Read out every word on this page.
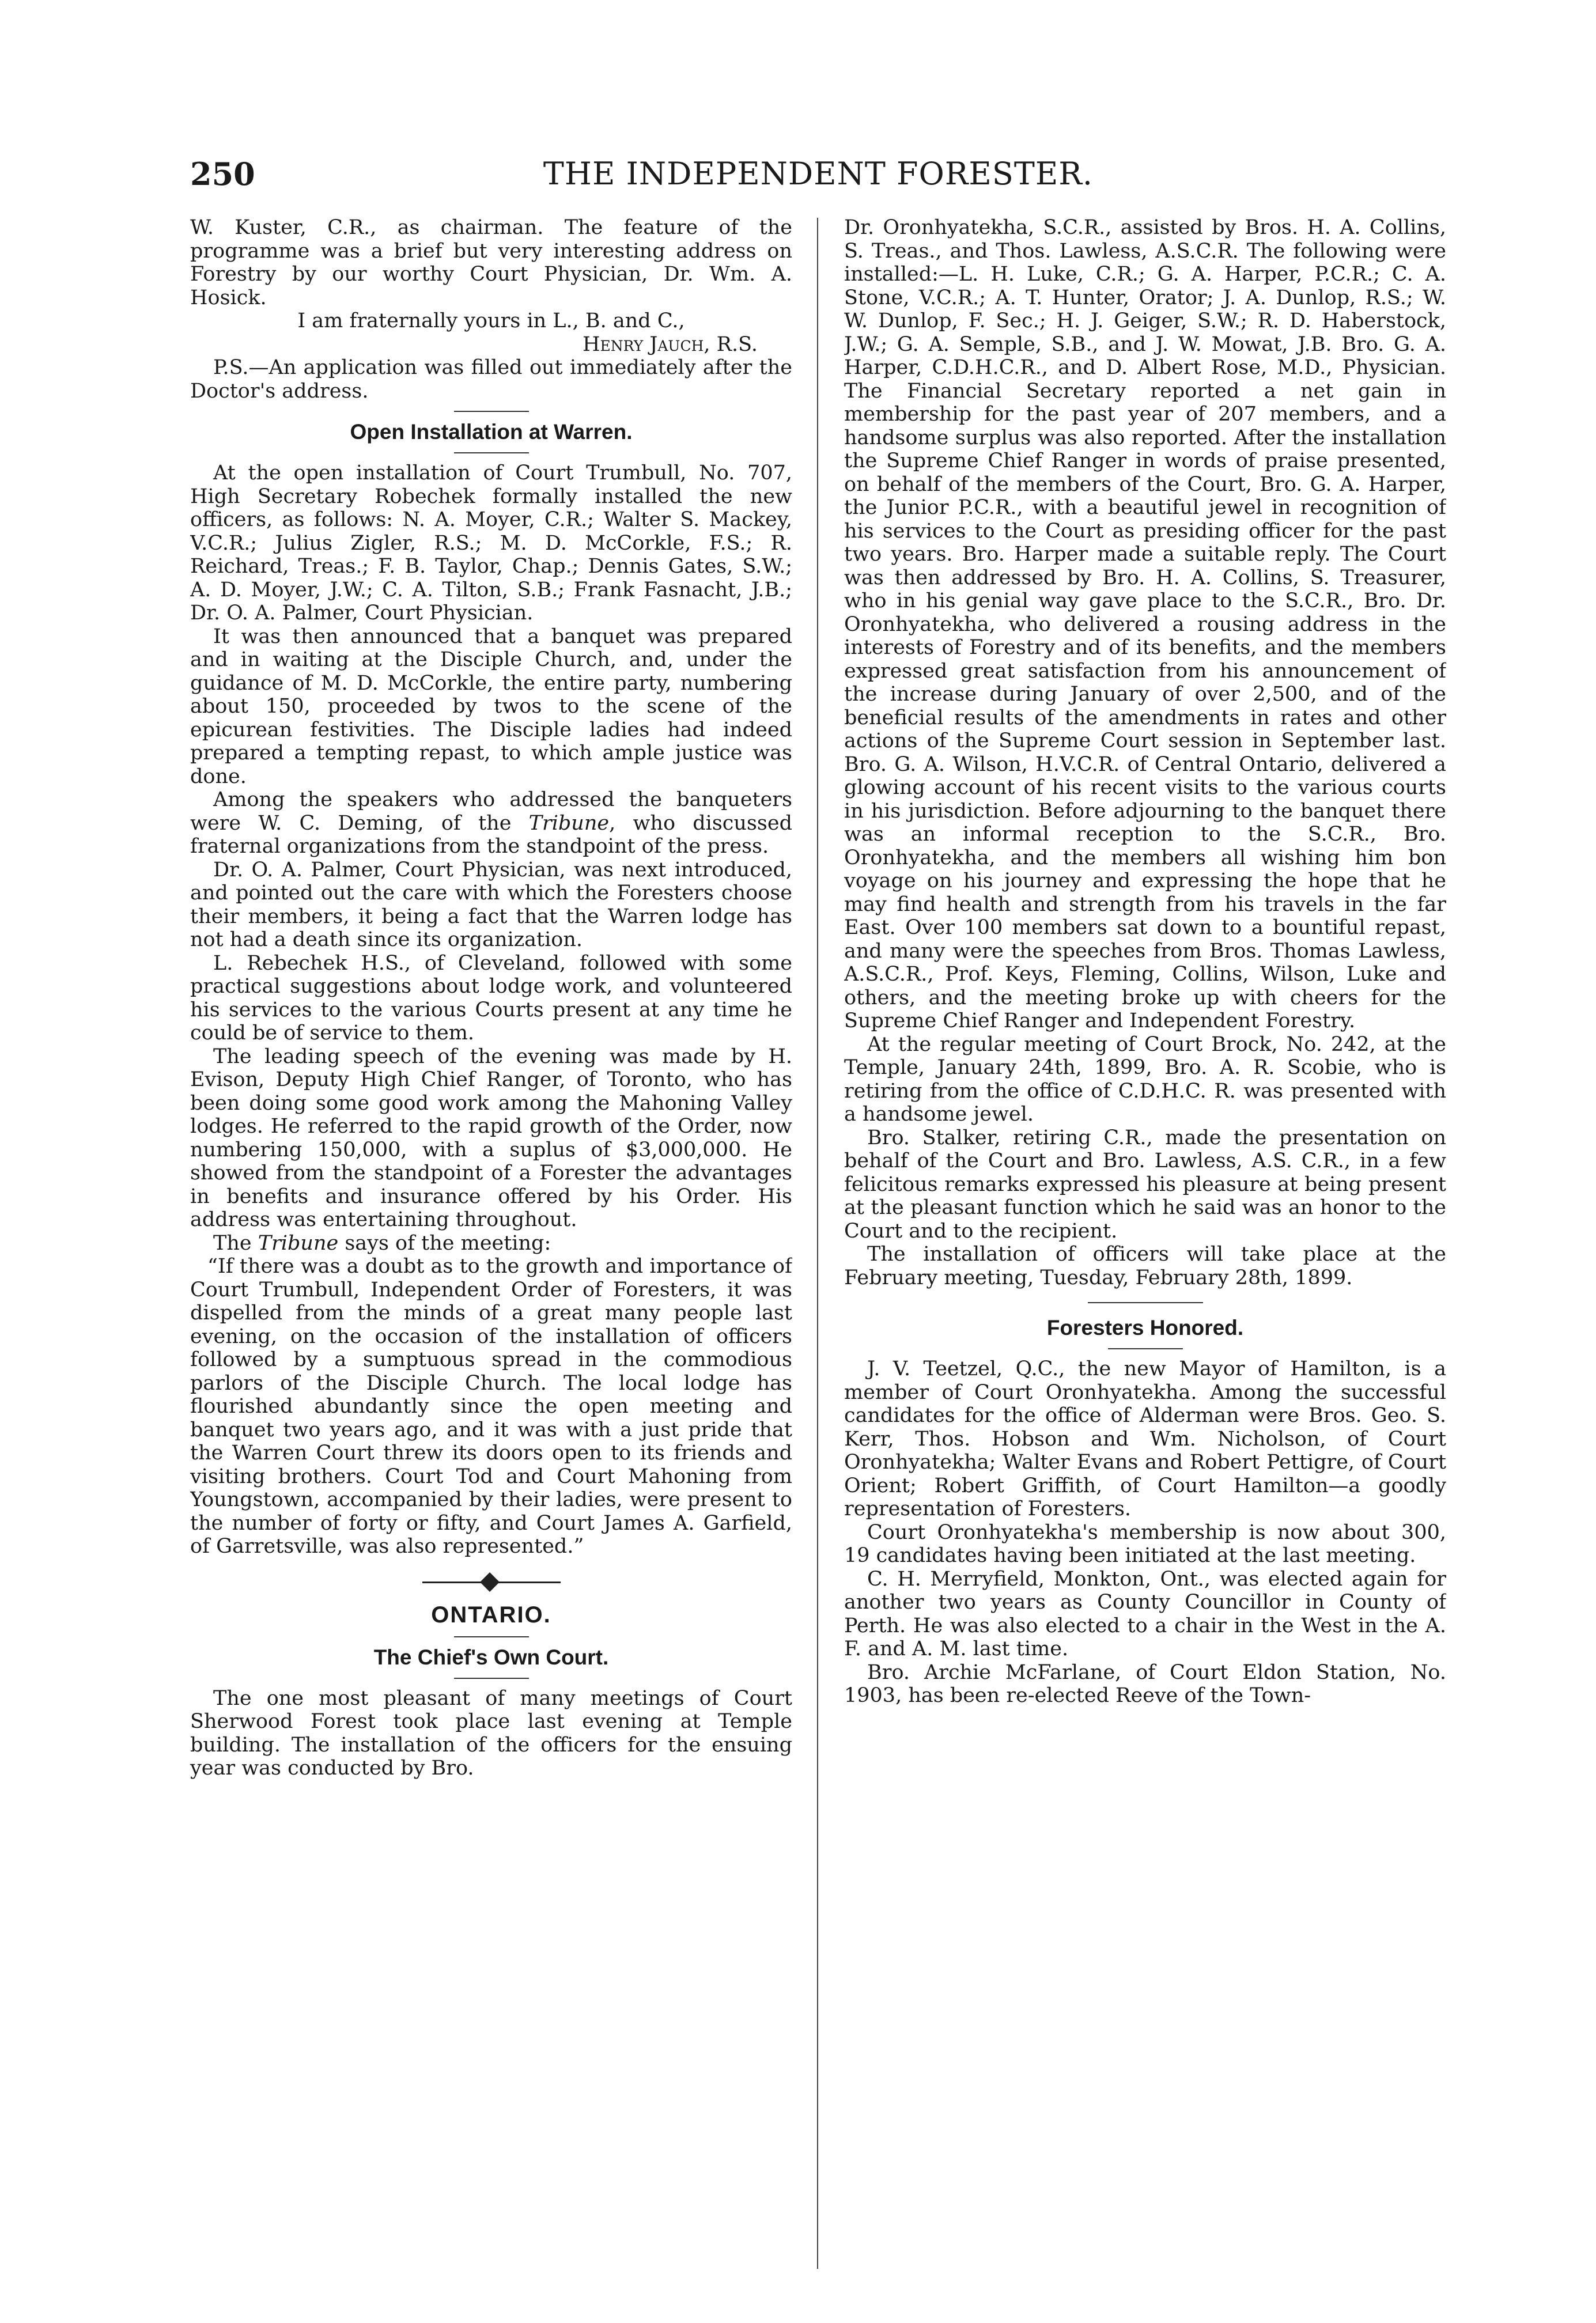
250	THE INDEPENDENT FORESTER.

W. Kuster, C.R., as chairman. The feature of the programme was a brief but very interesting address on Forestry by our worthy Court Physician, Dr. Wm. A. Hosick.

I am fraternally yours in L., B. and C.,

Henry Jauch, R.S.

P.S.—An application was filled out immediately after the Doctor's address.

Open Installation at Warren.

At the open installation of Court Trumbull, No. 707, High Secretary Robechek formally installed the new officers, as follows: N. A. Moyer, C.R.; Walter S. Mackey, V.C.R.; Julius Zigler, R.S.; M. D. McCorkle, F.S.; R. Reichard, Treas.; F. B. Taylor, Chap.; Dennis Gates, S.W.; A. D. Moyer, J.W.; C. A. Tilton, S.B.; Frank Fasnacht, J.B.; Dr. O. A. Palmer, Court Physician.

It was then announced that a banquet was prepared and in waiting at the Disciple Church, and, under the guidance of M. D. McCorkle, the entire party, numbering about 150, proceeded by twos to the scene of the epicurean festivities. The Disciple ladies had indeed prepared a tempting repast, to which ample justice was done.

Among the speakers who addressed the banqueters were W. C. Deming, of the Tribune, who discussed fraternal organizations from the standpoint of the press.

Dr. O. A. Palmer, Court Physician, was next introduced, and pointed out the care with which the Foresters choose their members, it being a fact that the Warren lodge has not had a death since its organization.

L. Rebechek H.S., of Cleveland, followed with some practical suggestions about lodge work, and volunteered his services to the various Courts present at any time he could be of service to them.

The leading speech of the evening was made by H. Evison, Deputy High Chief Ranger, of Toronto, who has been doing some good work among the Mahoning Valley lodges. He referred to the rapid growth of the Order, now numbering 150,000, with a suplus of $3,000,000. He showed from the standpoint of a Forester the advantages in benefits and insurance offered by his Order. His address was entertaining throughout.

The Tribune says of the meeting:

“If there was a doubt as to the growth and importance of Court Trumbull, Independent Order of Foresters, it was dispelled from the minds of a great many people last evening, on the occasion of the installation of officers followed by a sumptuous spread in the commodious parlors of the Disciple Church. The local lodge has flourished abundantly since the open meeting and banquet two years ago, and it was with a just pride that the Warren Court threw its doors open to its friends and visiting brothers. Court Tod and Court Mahoning from Youngstown, accompanied by their ladies, were present to the number of forty or fifty, and Court James A. Garfield, of Garretsville, was also represented.”

ONTARIO.
The Chief's Own Court.

The one most pleasant of many meetings of Court Sherwood Forest took place last evening at Temple building. The installation of the officers for the ensuing year was conducted by Bro.

Dr. Oronhyatekha, S.C.R., assisted by Bros. H. A. Collins, S. Treas., and Thos. Lawless, A.S.C.R. The following were installed:—L. H. Luke, C.R.; G. A. Harper, P.C.R.; C. A. Stone, V.C.R.; A. T. Hunter, Orator; J. A. Dunlop, R.S.; W. W. Dunlop, F. Sec.; H. J. Geiger, S.W.; R. D. Haberstock, J.W.; G. A. Semple, S.B., and J. W. Mowat, J.B. Bro. G. A. Harper, C.D.H.C.R., and D. Albert Rose, M.D., Physician. The Financial Secretary reported a net gain in membership for the past year of 207 members, and a handsome surplus was also reported. After the installation the Supreme Chief Ranger in words of praise presented, on behalf of the members of the Court, Bro. G. A. Harper, the Junior P.C.R., with a beautiful jewel in recognition of his services to the Court as presiding officer for the past two years. Bro. Harper made a suitable reply. The Court was then addressed by Bro. H. A. Collins, S. Treasurer, who in his genial way gave place to the S.C.R., Bro. Dr. Oronhyatekha, who delivered a rousing address in the interests of Forestry and of its benefits, and the members expressed great satisfaction from his announcement of the increase during January of over 2,500, and of the beneficial results of the amendments in rates and other actions of the Supreme Court session in September last. Bro. G. A. Wilson, H.V.C.R. of Central Ontario, delivered a glowing account of his recent visits to the various courts in his jurisdiction. Before adjourning to the banquet there was an informal reception to the S.C.R., Bro. Oronhyatekha, and the members all wishing him bon voyage on his journey and expressing the hope that he may find health and strength from his travels in the far East. Over 100 members sat down to a bountiful repast, and many were the speeches from Bros. Thomas Lawless, A.S.C.R., Prof. Keys, Fleming, Collins, Wilson, Luke and others, and the meeting broke up with cheers for the Supreme Chief Ranger and Independent Forestry.

At the regular meeting of Court Brock, No. 242, at the Temple, January 24th, 1899, Bro. A. R. Scobie, who is retiring from the office of C.D.H.C. R. was presented with a handsome jewel.

Bro. Stalker, retiring C.R., made the presentation on behalf of the Court and Bro. Lawless, A.S. C.R., in a few felicitous remarks expressed his pleasure at being present at the pleasant function which he said was an honor to the Court and to the recipient.

The installation of officers will take place at the February meeting, Tuesday, February 28th, 1899.

Foresters Honored.

J. V. Teetzel, Q.C., the new Mayor of Hamilton, is a member of Court Oronhyatekha. Among the successful candidates for the office of Alderman were Bros. Geo. S. Kerr, Thos. Hobson and Wm. Nicholson, of Court Oronhyatekha; Walter Evans and Robert Pettigre, of Court Orient; Robert Griffith, of Court Hamilton—a goodly representation of Foresters.

Court Oronhyatekha's membership is now about 300, 19 candidates having been initiated at the last meeting.

C. H. Merryfield, Monkton, Ont., was elected again for another two years as County Councillor in County of Perth. He was also elected to a chair in the West in the A. F. and A. M. last time.

Bro. Archie McFarlane, of Court Eldon Station, No. 1903, has been re-elected Reeve of the Town-
